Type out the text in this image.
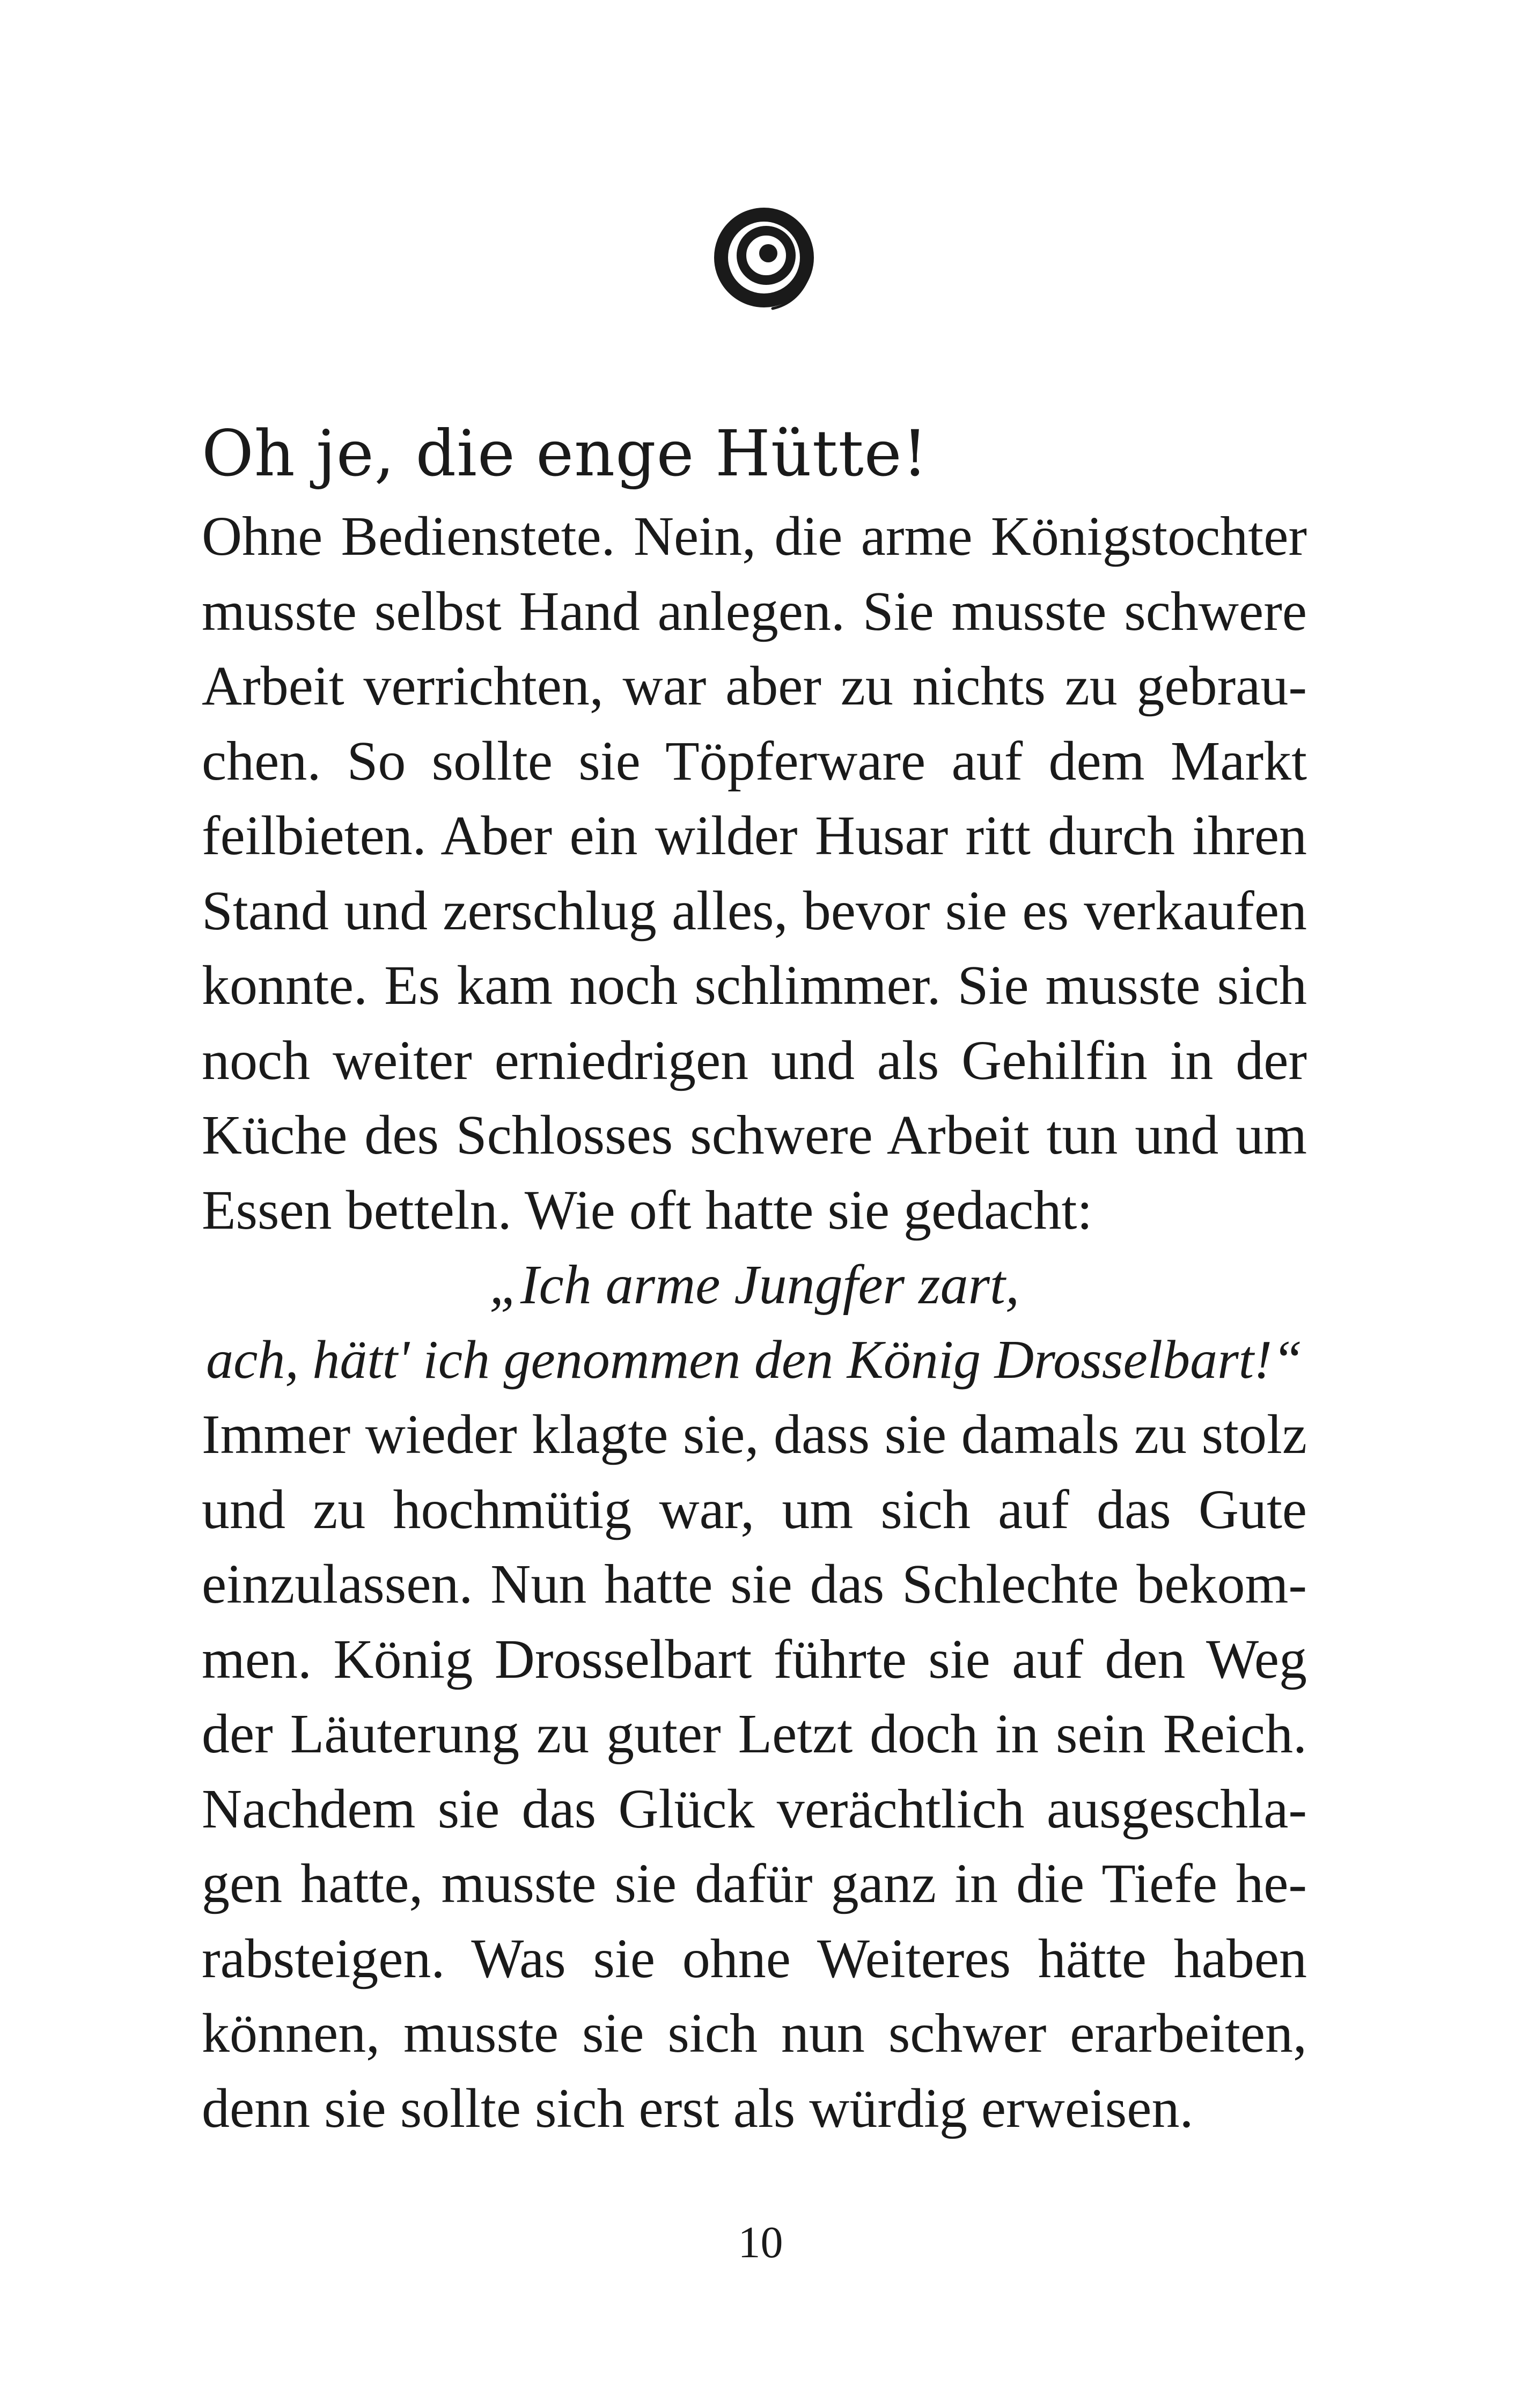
Oh je, die enge Hütte!
Ohne Bedienstete. Nein, die arme Königstochter
musste selbst Hand anlegen. Sie musste schwere
Arbeit verrichten, war aber zu nichts zu gebrau-
chen. So sollte sie Töpferware auf dem Markt
feilbieten. Aber ein wilder Husar ritt durch ihren
Stand und zerschlug alles, bevor sie es verkaufen
konnte. Es kam noch schlimmer. Sie musste sich
noch weiter erniedrigen und als Gehilfin in der
Küche des Schlosses schwere Arbeit tun und um
Essen betteln. Wie oft hatte sie gedacht:
„Ich arme Jungfer zart,
ach, hätt' ich genommen den König Drosselbart!“
Immer wieder klagte sie, dass sie damals zu stolz
und zu hochmütig war, um sich auf das Gute
einzulassen. Nun hatte sie das Schlechte bekom-
men. König Drosselbart führte sie auf den Weg
der Läuterung zu guter Letzt doch in sein Reich.
Nachdem sie das Glück verächtlich ausgeschla-
gen hatte, musste sie dafür ganz in die Tiefe he-
rabsteigen. Was sie ohne Weiteres hätte haben
können, musste sie sich nun schwer erarbeiten,
denn sie sollte sich erst als würdig erweisen.
10
